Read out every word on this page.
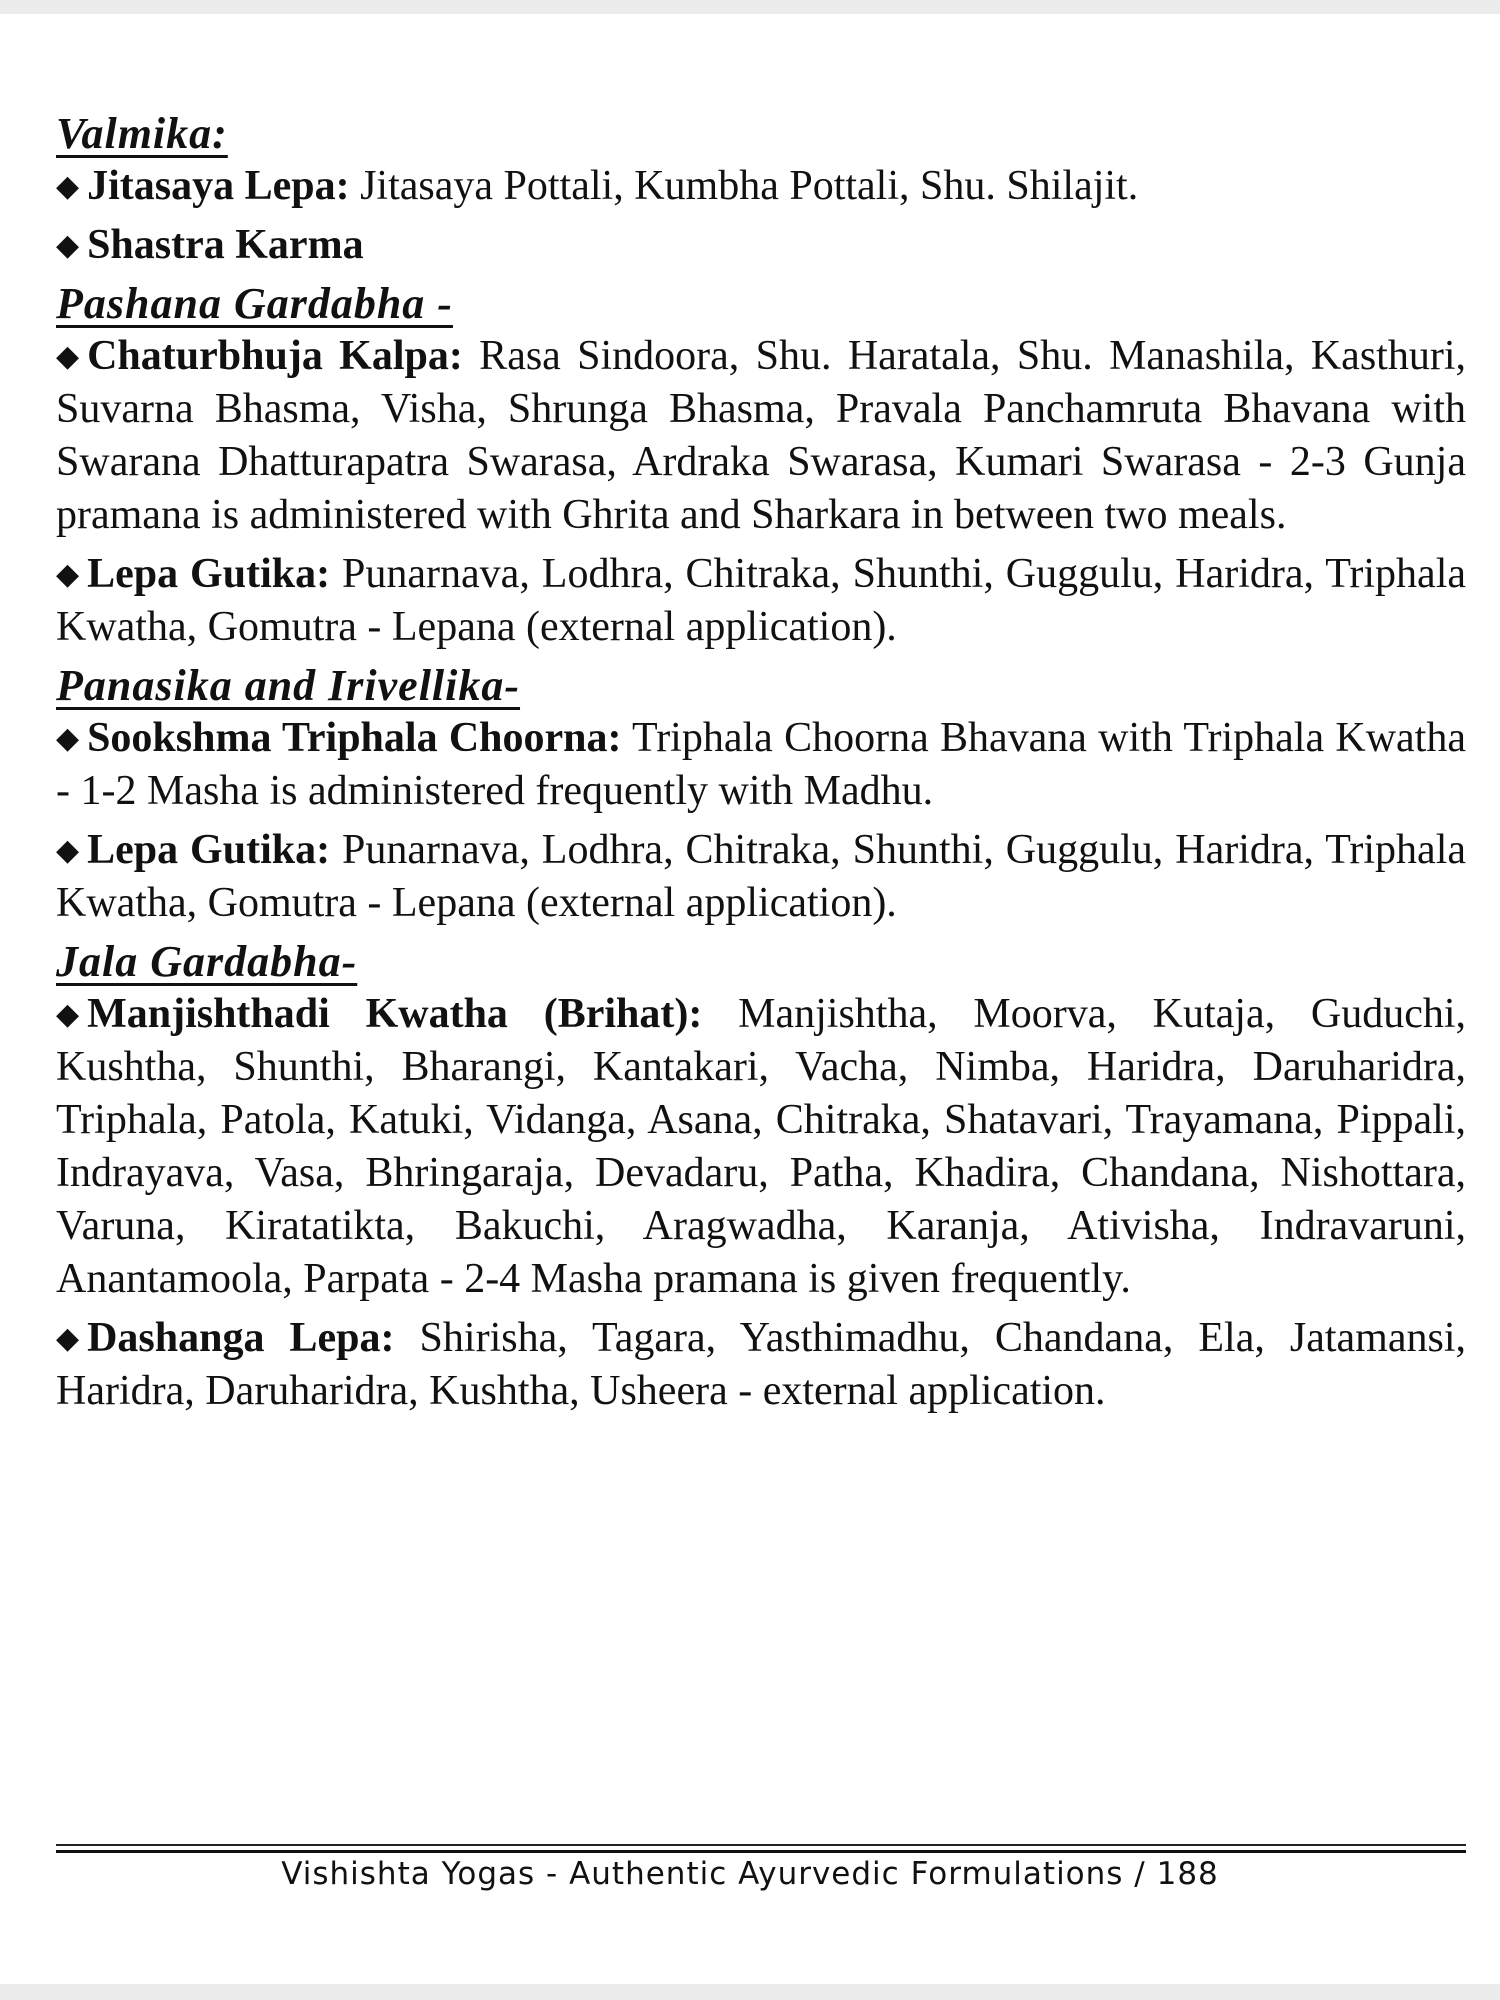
Valmika:

◆ Jitasaya Lepa: Jitasaya Pottali, Kumbha Pottali, Shu. Shilajit.

◆ Shastra Karma

Pashana Gardabha -

◆ Chaturbhuja Kalpa: Rasa Sindoora, Shu. Haratala, Shu. Manashila, Kasthuri, Suvarna Bhasma, Visha, Shrunga Bhasma, Pravala Panchamruta Bhavana with Swarana Dhatturapatra Swarasa, Ardraka Swarasa, Kumari Swarasa - 2-3 Gunja pramana is administered with Ghrita and Sharkara in between two meals.

◆ Lepa Gutika: Punarnava, Lodhra, Chitraka, Shunthi, Guggulu, Haridra, Triphala Kwatha, Gomutra - Lepana (external application).

Panasika and Irivellika-

◆ Sookshma Triphala Choorna: Triphala Choorna Bhavana with Triphala Kwatha - 1-2 Masha is administered frequently with Madhu.

◆ Lepa Gutika: Punarnava, Lodhra, Chitraka, Shunthi, Guggulu, Haridra, Triphala Kwatha, Gomutra - Lepana (external application).

Jala Gardabha-

◆ Manjishthadi Kwatha (Brihat): Manjishtha, Moorva, Kutaja, Guduchi, Kushtha, Shunthi, Bharangi, Kantakari, Vacha, Nimba, Haridra, Daruharidra, Triphala, Patola, Katuki, Vidanga, Asana, Chitraka, Shatavari, Trayamana, Pippali, Indrayava, Vasa, Bhringaraja, Devadaru, Patha, Khadira, Chandana, Nishottara, Varuna, Kiratatikta, Bakuchi, Aragwadha, Karanja, Ativisha, Indravaruni, Anantamoola, Parpata - 2-4 Masha pramana is given frequently.

◆ Dashanga Lepa: Shirisha, Tagara, Yasthimadhu, Chandana, Ela, Jatamansi, Haridra, Daruharidra, Kushtha, Usheera - external application.

Vishishta Yogas - Authentic Ayurvedic Formulations / 188
